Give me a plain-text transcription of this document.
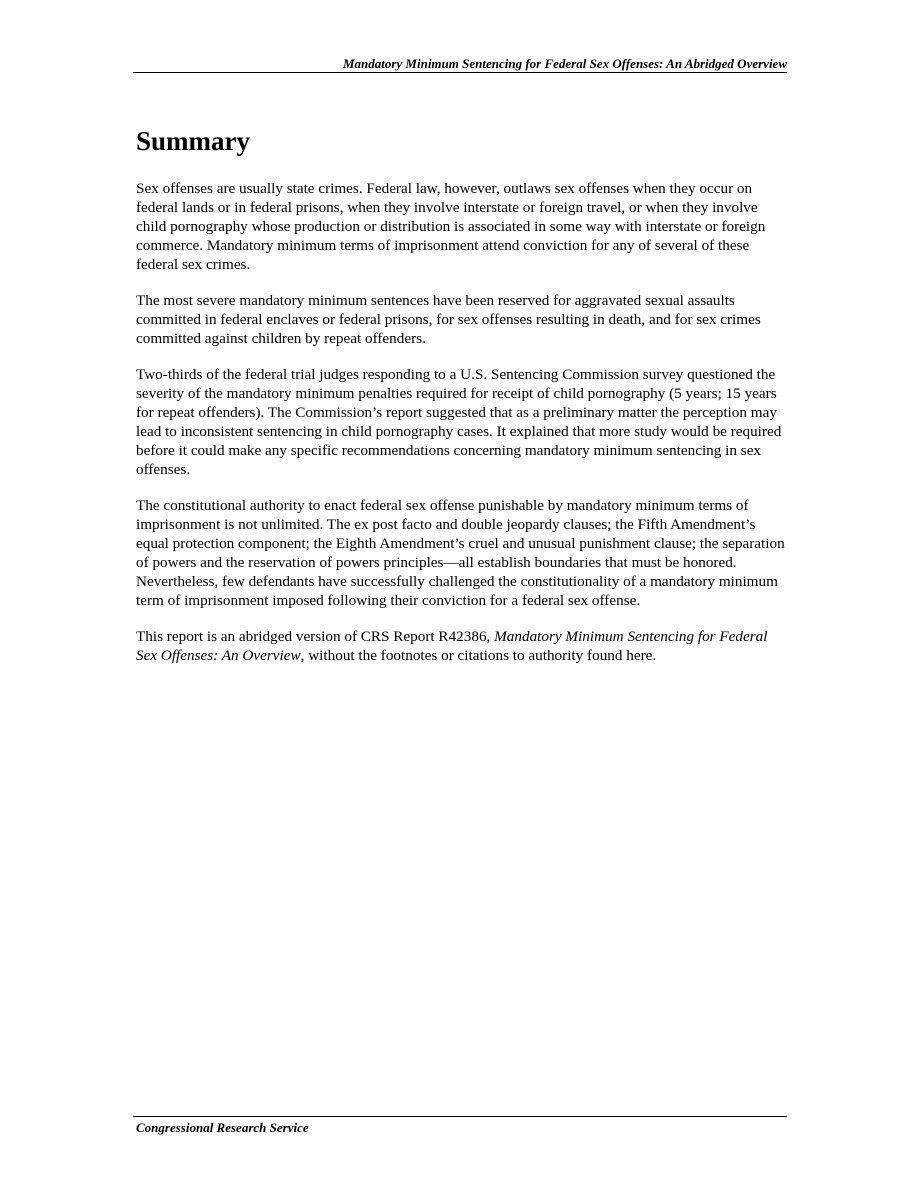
Mandatory Minimum Sentencing for Federal Sex Offenses: An Abridged Overview
Summary

Sex offenses are usually state crimes. Federal law, however, outlaws sex offenses when they occur on federal lands or in federal prisons, when they involve interstate or foreign travel, or when they involve child pornography whose production or distribution is associated in some way with interstate or foreign commerce. Mandatory minimum terms of imprisonment attend conviction for any of several of these federal sex crimes.

The most severe mandatory minimum sentences have been reserved for aggravated sexual assaults committed in federal enclaves or federal prisons, for sex offenses resulting in death, and for sex crimes committed against children by repeat offenders.

Two-thirds of the federal trial judges responding to a U.S. Sentencing Commission survey questioned the severity of the mandatory minimum penalties required for receipt of child pornography (5 years; 15 years for repeat offenders). The Commission’s report suggested that as a preliminary matter the perception may lead to inconsistent sentencing in child pornography cases. It explained that more study would be required before it could make any specific recommendations concerning mandatory minimum sentencing in sex offenses.

The constitutional authority to enact federal sex offense punishable by mandatory minimum terms of imprisonment is not unlimited. The ex post facto and double jeopardy clauses; the Fifth Amendment’s equal protection component; the Eighth Amendment’s cruel and unusual punishment clause; the separation of powers and the reservation of powers principles—all establish boundaries that must be honored. Nevertheless, few defendants have successfully challenged the constitutionality of a mandatory minimum term of imprisonment imposed following their conviction for a federal sex offense.

This report is an abridged version of CRS Report R42386, Mandatory Minimum Sentencing for Federal Sex Offenses: An Overview, without the footnotes or citations to authority found here.

Congressional Research Service
